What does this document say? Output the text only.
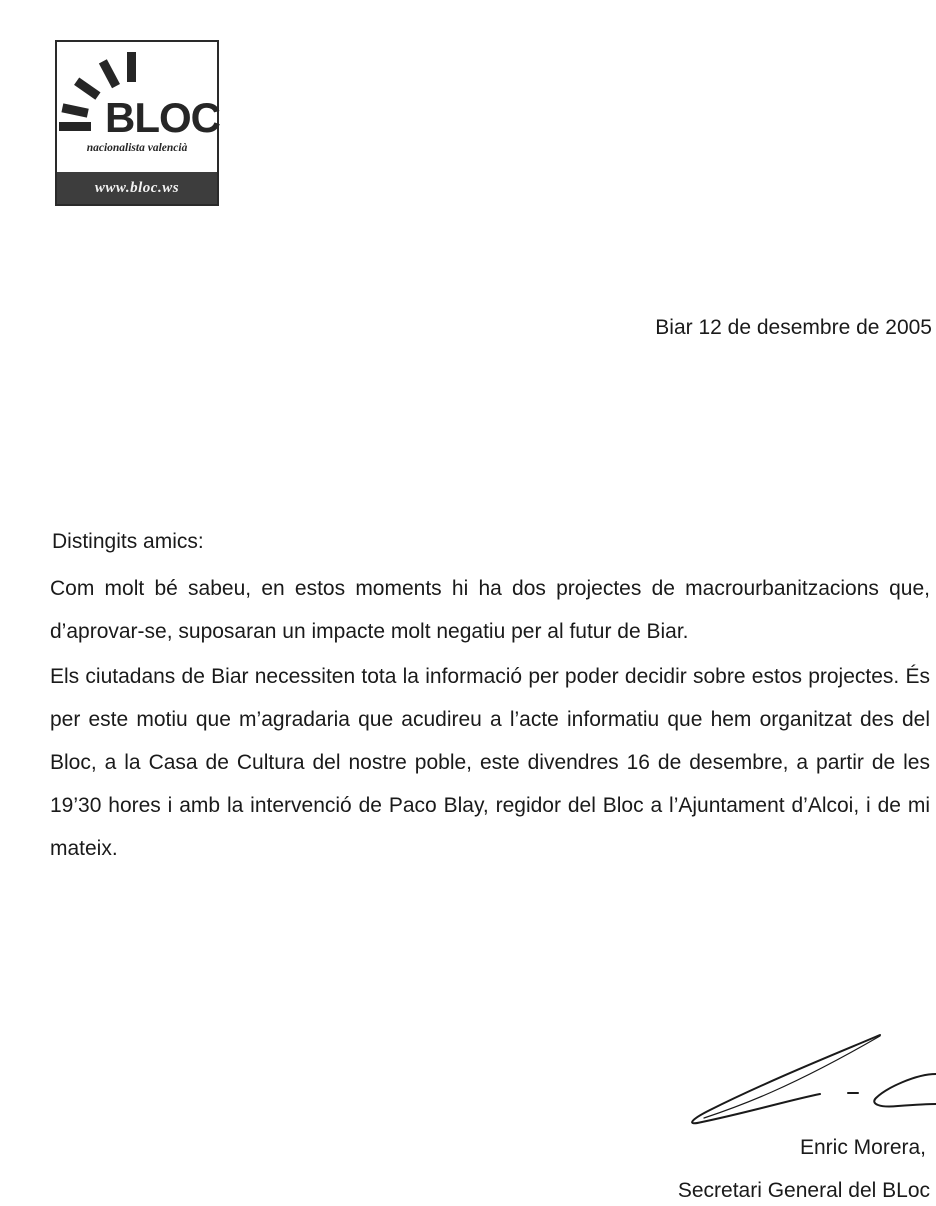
BLOC
nacionalista valencià
www.bloc.ws
Biar 12 de desembre de 2005
Distingits amics:

Com molt bé sabeu, en estos moments hi ha dos projectes de macrourbanitzacions que, d’aprovar-se, suposaran un impacte molt negatiu per al futur de Biar.

Els ciutadans de Biar necessiten tota la informació per poder decidir sobre estos projectes. És per este motiu que m’agradaria que acudireu a l’acte informatiu que hem organitzat des del Bloc, a la Casa de Cultura del nostre poble, este divendres 16 de desembre, a partir de les 19’30 hores i amb la intervenció de Paco Blay, regidor del Bloc a l’Ajuntament d’Alcoi, i de mi mateix.

Enric Morera,
Secretari General del BLoc
